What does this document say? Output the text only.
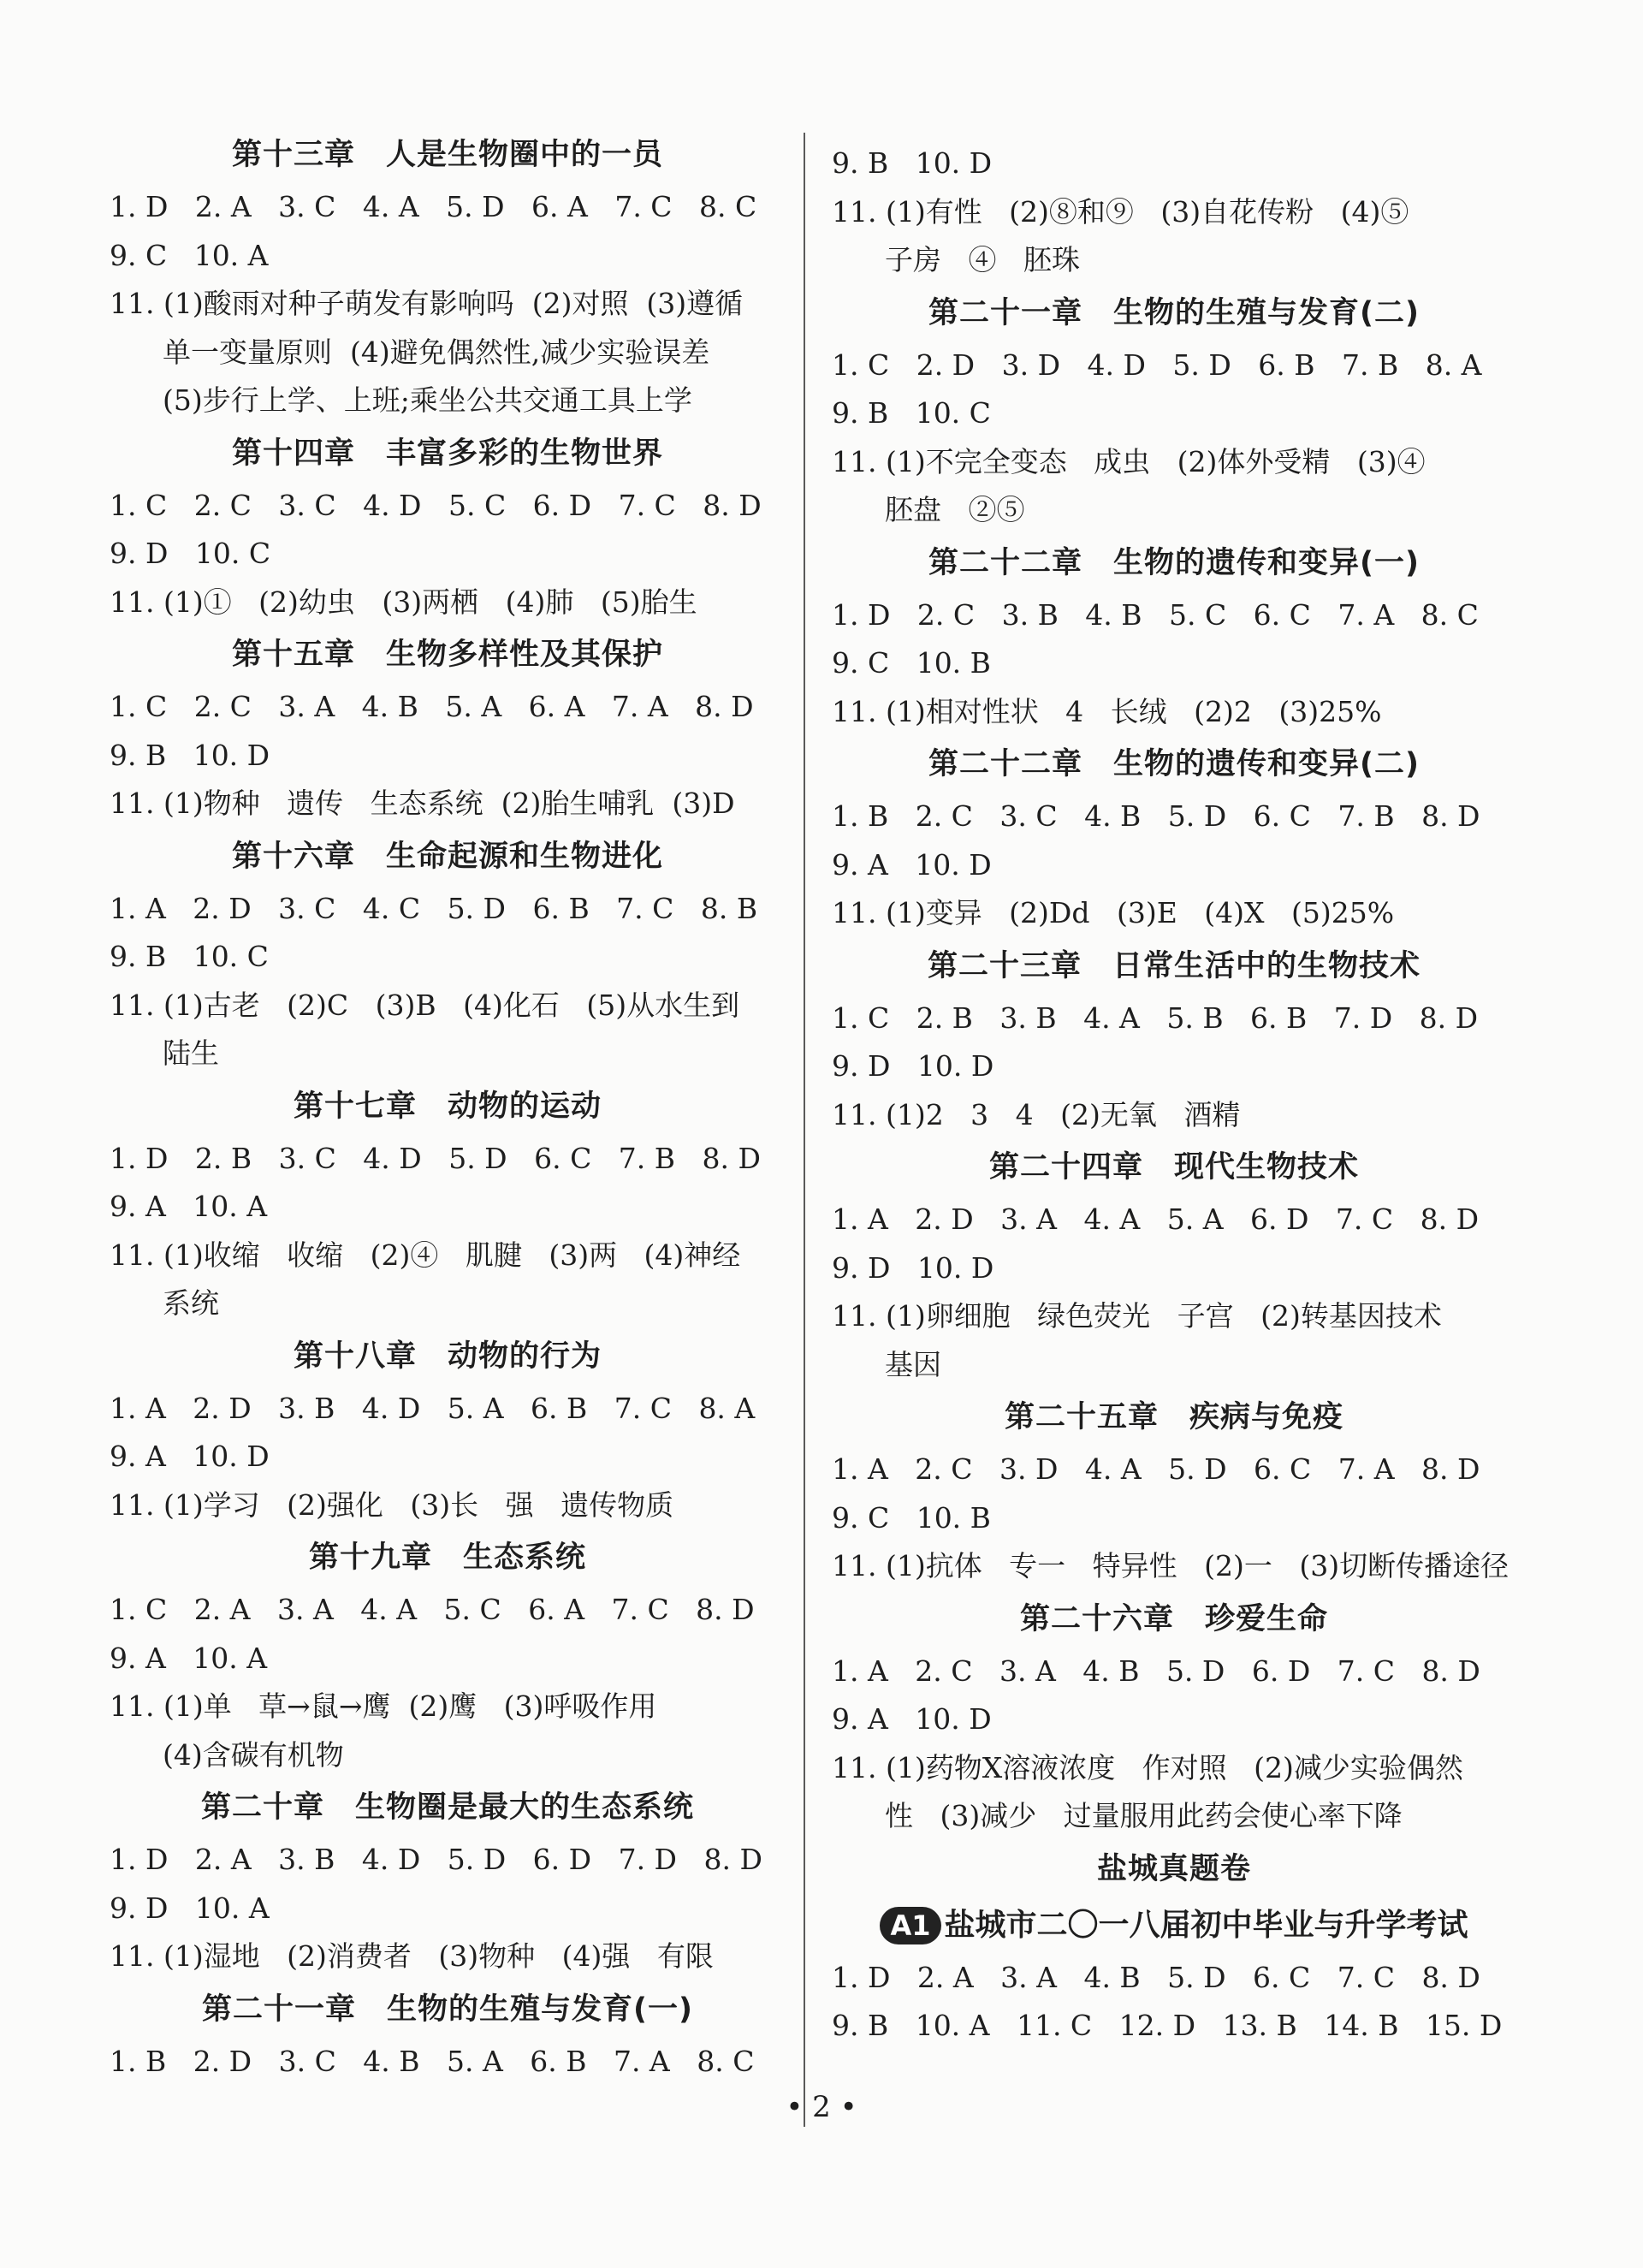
第十三章　人是生物圈中的一员
1. D   2. A   3. C   4. A   5. D   6. A   7. C   8. C
9. C   10. A
11. (1)酸雨对种子萌发有影响吗  (2)对照  (3)遵循
单一变量原则  (4)避免偶然性,减少实验误差
(5)步行上学、上班;乘坐公共交通工具上学
第十四章　丰富多彩的生物世界
1. C   2. C   3. C   4. D   5. C   6. D   7. C   8. D
9. D   10. C
11. (1)①   (2)幼虫   (3)两栖   (4)肺   (5)胎生
第十五章　生物多样性及其保护
1. C   2. C   3. A   4. B   5. A   6. A   7. A   8. D
9. B   10. D
11. (1)物种   遗传   生态系统  (2)胎生哺乳  (3)D
第十六章　生命起源和生物进化
1. A   2. D   3. C   4. C   5. D   6. B   7. C   8. B
9. B   10. C
11. (1)古老   (2)C   (3)B   (4)化石   (5)从水生到
陆生
第十七章　动物的运动
1. D   2. B   3. C   4. D   5. D   6. C   7. B   8. D
9. A   10. A
11. (1)收缩   收缩   (2)④   肌腱   (3)两   (4)神经
系统
第十八章　动物的行为
1. A   2. D   3. B   4. D   5. A   6. B   7. C   8. A
9. A   10. D
11. (1)学习   (2)强化   (3)长   强   遗传物质
第十九章　生态系统
1. C   2. A   3. A   4. A   5. C   6. A   7. C   8. D
9. A   10. A
11. (1)单   草→鼠→鹰  (2)鹰   (3)呼吸作用
(4)含碳有机物
第二十章　生物圈是最大的生态系统
1. D   2. A   3. B   4. D   5. D   6. D   7. D   8. D
9. D   10. A
11. (1)湿地   (2)消费者   (3)物种   (4)强   有限
第二十一章　生物的生殖与发育(一)
1. B   2. D   3. C   4. B   5. A   6. B   7. A   8. C
9. B   10. D
11. (1)有性   (2)⑧和⑨   (3)自花传粉   (4)⑤
子房   ④   胚珠
第二十一章　生物的生殖与发育(二)
1. C   2. D   3. D   4. D   5. D   6. B   7. B   8. A
9. B   10. C
11. (1)不完全变态   成虫   (2)体外受精   (3)④
胚盘   ②⑤
第二十二章　生物的遗传和变异(一)
1. D   2. C   3. B   4. B   5. C   6. C   7. A   8. C
9. C   10. B
11. (1)相对性状   4   长绒   (2)2   (3)25%
第二十二章　生物的遗传和变异(二)
1. B   2. C   3. C   4. B   5. D   6. C   7. B   8. D
9. A   10. D
11. (1)变异   (2)Dd   (3)E   (4)X   (5)25%
第二十三章　日常生活中的生物技术
1. C   2. B   3. B   4. A   5. B   6. B   7. D   8. D
9. D   10. D
11. (1)2   3   4   (2)无氧   酒精
第二十四章　现代生物技术
1. A   2. D   3. A   4. A   5. A   6. D   7. C   8. D
9. D   10. D
11. (1)卵细胞   绿色荧光   子宫   (2)转基因技术
基因
第二十五章　疾病与免疫
1. A   2. C   3. D   4. A   5. D   6. C   7. A   8. D
9. C   10. B
11. (1)抗体   专一   特异性   (2)一   (3)切断传播途径
第二十六章　珍爱生命
1. A   2. C   3. A   4. B   5. D   6. D   7. C   8. D
9. A   10. D
11. (1)药物X溶液浓度   作对照   (2)减少实验偶然
性   (3)减少   过量服用此药会使心率下降
盐城真题卷
A1 盐城市二〇一八届初中毕业与升学考试
1. D   2. A   3. A   4. B   5. D   6. C   7. C   8. D
9. B   10. A   11. C   12. D   13. B   14. B   15. D
• 2 •
